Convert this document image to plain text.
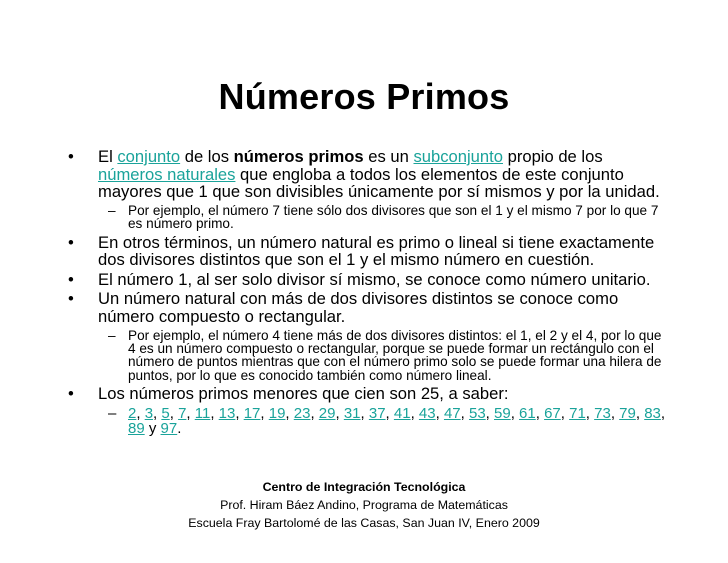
Números Primos
• El conjunto de los números primos es un subconjunto propio de los números naturales que engloba a todos los elementos de este conjunto mayores que 1 que son divisibles únicamente por sí mismos y por la unidad.
– Por ejemplo, el número 7 tiene sólo dos divisores que son el 1 y el mismo 7 por lo que 7 es número primo.
• En otros términos, un número natural es primo o lineal si tiene exactamente dos divisores distintos que son el 1 y el mismo número en cuestión.
• El número 1, al ser solo divisor sí mismo, se conoce como número unitario.
• Un número natural con más de dos divisores distintos se conoce como número compuesto o rectangular.
– Por ejemplo, el número 4 tiene más de dos divisores distintos: el 1, el 2 y el 4, por lo que 4 es un número compuesto o rectangular, porque se puede formar un rectángulo con el número de puntos mientras que con el número primo solo se puede formar una hilera de puntos, por lo que es conocido también como número lineal.
• Los números primos menores que cien son 25, a saber:
– 2, 3, 5, 7, 11, 13, 17, 19, 23, 29, 31, 37, 41, 43, 47, 53, 59, 61, 67, 71, 73, 79, 83, 89 y 97.
Centro de Integración Tecnológica
Prof. Hiram Báez Andino, Programa de Matemáticas
Escuela Fray Bartolomé de las Casas, San Juan IV, Enero 2009
